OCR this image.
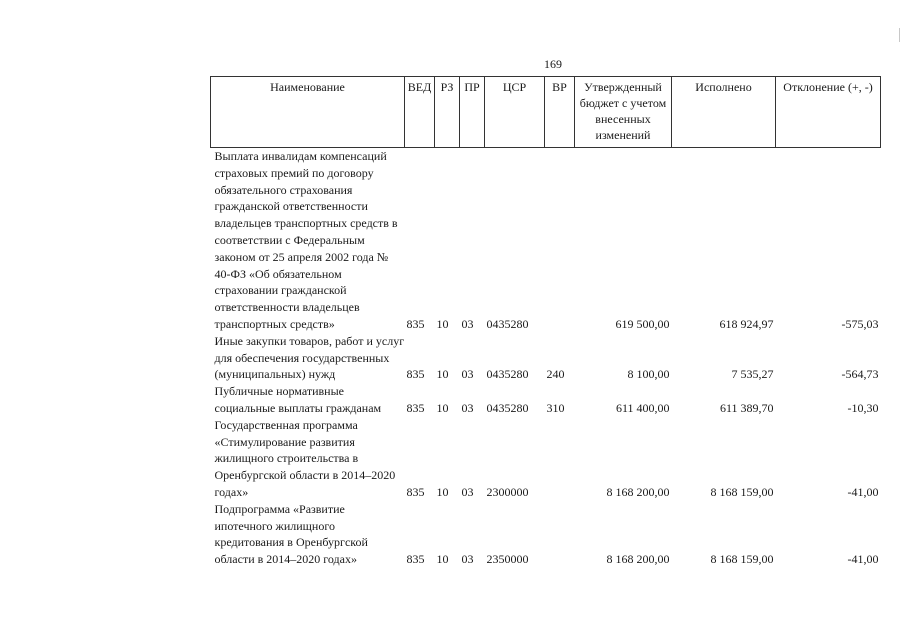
169
Наименование	ВЕД	РЗ	ПР	ЦСР	ВР	Утвержденный бюджет с учетом внесенных изменений	Исполнено	Отклонение (+, -)
Выплата инвалидам компенсаций страховых премий по договору обязательного страхования гражданской ответственности владельцев транспортных средств в соответствии с Федеральным законом от 25 апреля 2002 года № 40-ФЗ «Об обязательном страховании гражданской ответственности владельцев транспортных средств»	835	10	03	0435280		619 500,00	618 924,97	-575,03
Иные закупки товаров, работ и услуг для обеспечения государственных (муниципальных) нужд	835	10	03	0435280	240	8 100,00	7 535,27	-564,73
Публичные нормативные социальные выплаты гражданам	835	10	03	0435280	310	611 400,00	611 389,70	-10,30
Государственная программа «Стимулирование развития жилищного строительства в Оренбургской области в 2014–2020 годах»	835	10	03	2300000		8 168 200,00	8 168 159,00	-41,00
Подпрограмма «Развитие ипотечного жилищного кредитования в Оренбургской области в 2014–2020 годах»	835	10	03	2350000		8 168 200,00	8 168 159,00	-41,00
